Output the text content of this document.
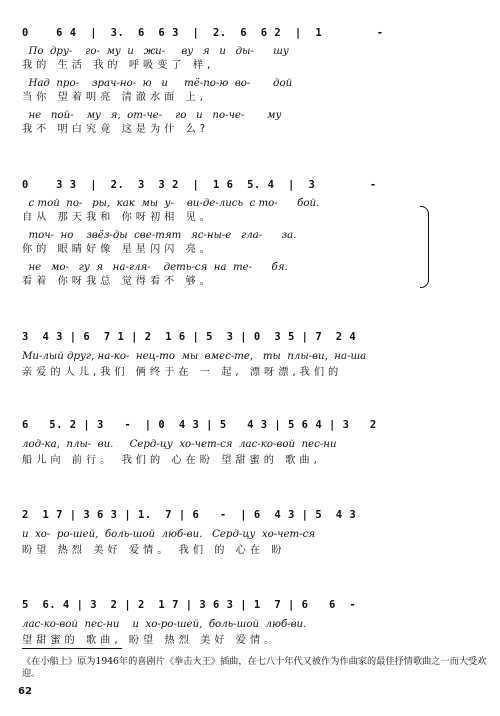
0    6 4  |  3.  6  6 3  |  2.  6  6 2  |  1        -
По  дру-    го-  му  и   жи-     ву   я   и   ды-      шу
我的 生活 我的 呼吸变了 样,
Над  про-    зрач-но-  ю   и     тё-по-ю  во-       дой
当你 望着明亮 清澈水面 上,
не   пой-    му   я,  от-че-    го   и   по-че-       му
我不 明白究竟 这是为什 么?
0    3 3  |  2.  3  3 2  |  1 6  5. 4  |  3        -
с той  по-   ры,  как  мы  у-    ви-де-лись  с то-      бой.
自从 那天我和 你呀初相 见。
точ-  но    звёз-ды  све-тят   яс-ны-е   гла-      за.
你的 眼睛好像 星星闪闪 亮。
не   мо-   гу  я   на-гля-    деть-ся  на  те-      бя.
看着 你呀我总 觉得看不 够。
3  4 3 | 6  7 1 | 2  1 6 | 5  3 | 0  3 5 | 7  2 4
Ми-лый друг, на-ко-  нец-то  мы  вмес-те,   ты  плы-ви,  на-ша
亲爱的人儿,我们 俩终于在 一 起, 漂呀漂,我们的
6   5. 2 | 3   -  | 0  4 3 | 5   4 3 | 5 6 4 | 3   2
лод-ка,  плы-  ви.     Серд-цу  хо-чет-ся  лас-ко-вой  пес-ни
船儿向 前行。 我们的 心在盼 望甜蜜的 歌曲,
2  1 7 | 3 6 3 | 1.  7 | 6   -  | 6  4 3 | 5  4 3
и  хо-  ро-шей,  боль-шой  люб-ви.   Серд-цу  хо-чет-ся
盼望 热烈 美好 爱情。 我们 的 心在 盼
5  6. 4 | 3  2 | 2  1 7 | 3 6 3 | 1  7 | 6   6  -
лас-ко-вой  пес-ни    и  хо-ро-шей,  боль-шой  люб-ви.
望甜蜜的 歌曲, 盼望 热烈 美好 爱情。
《在小船上》原为1946年的喜剧片《拳击大王》插曲，在七八十年代又被作为作曲家的最佳抒情歌曲之一而大受欢迎。
62
